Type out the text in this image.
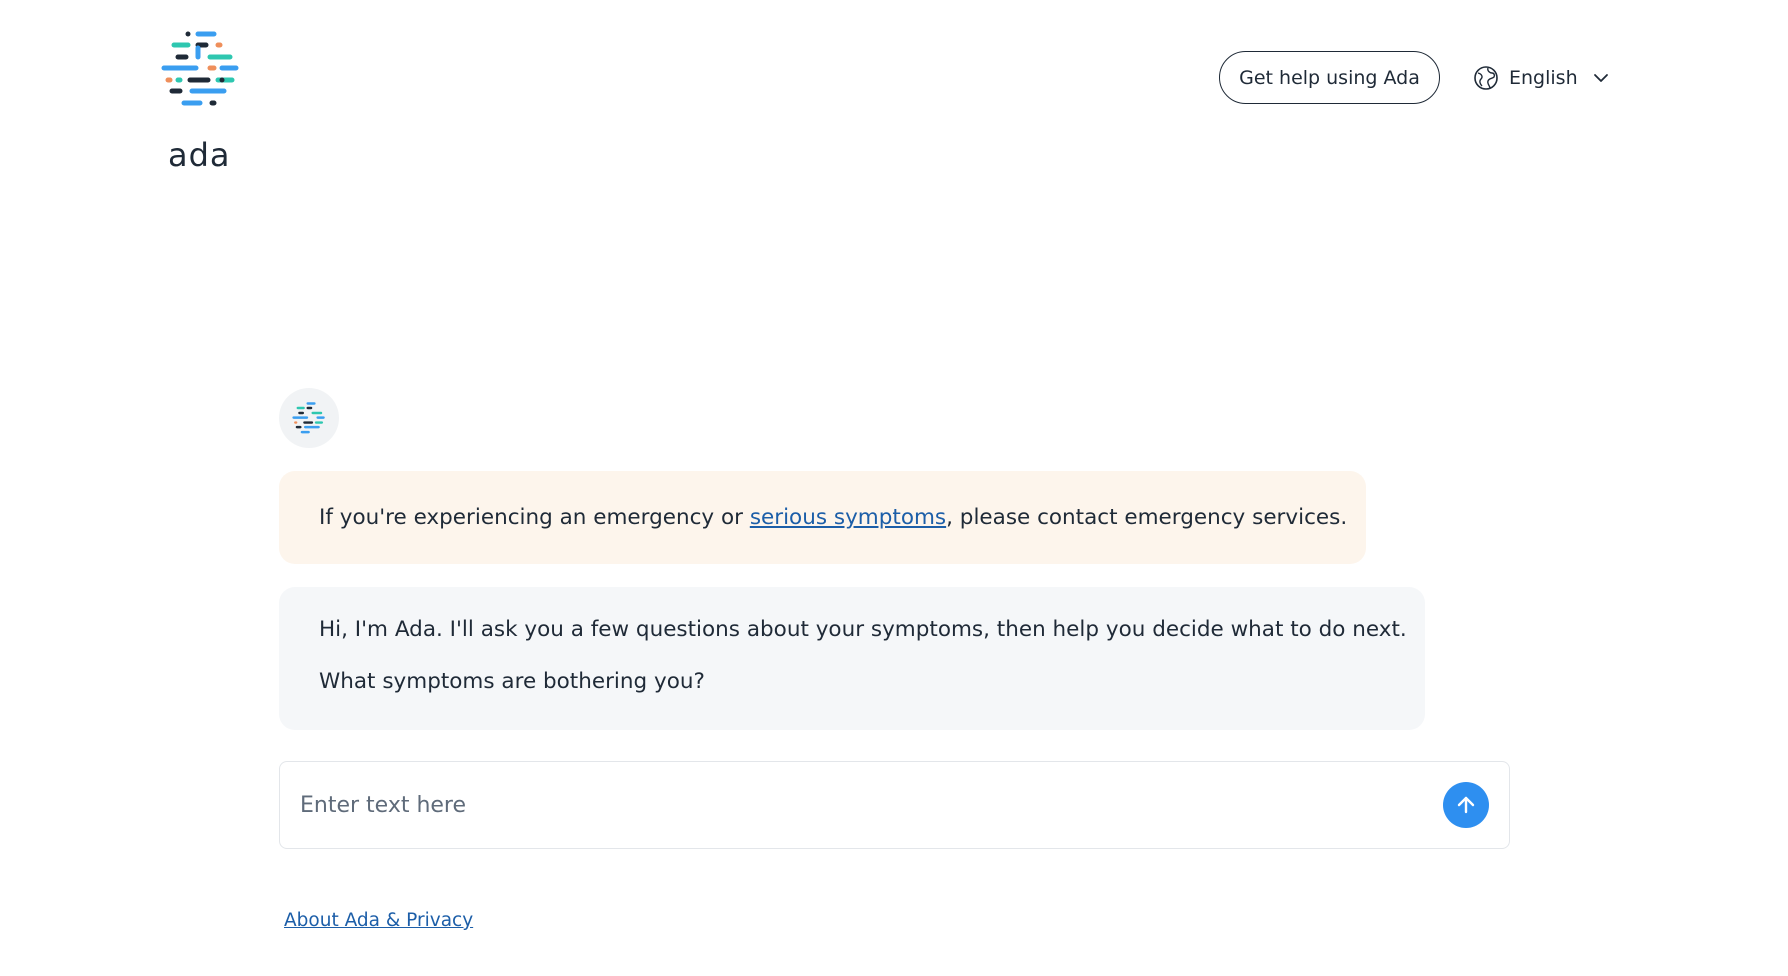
ada
Get help using Ada	English
If you're experiencing an emergency or serious symptoms , please contact emergency services.

Hi, I'm Ada. I'll ask you a few questions about your symptoms, then help you decide what to do next.

What symptoms are bothering you?

Enter text here
About Ada & Privacy
